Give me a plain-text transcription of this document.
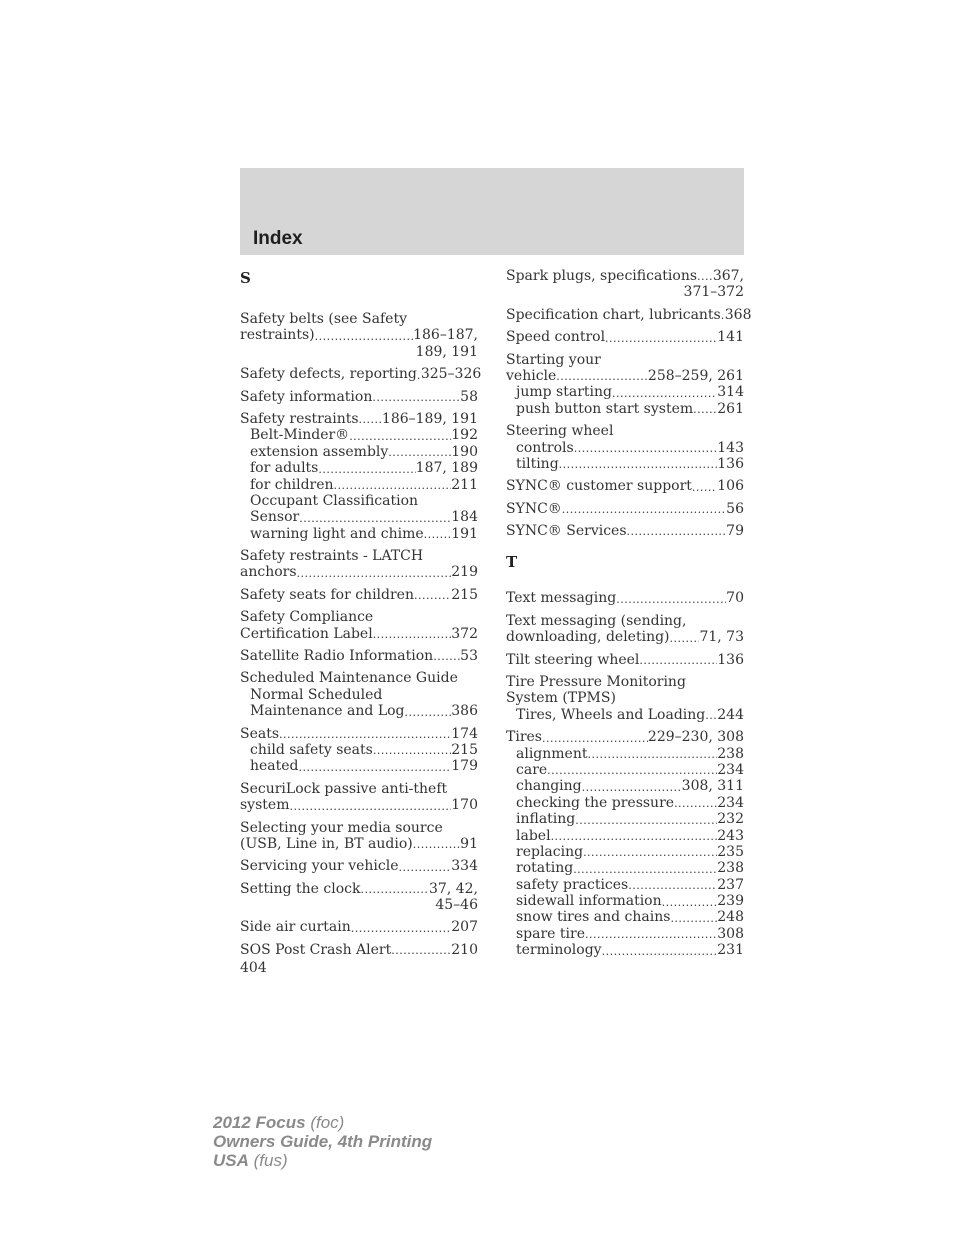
Index
S
Safety belts (see Safety
restraints) .....	186–187,
189, 191
Safety defects, reporting ..... 325–326
Safety information .....	58
Safety restraints ..... 186–189, 191
Belt-Minder® .....	192
extension assembly .....	190
for adults .....	187, 189
for children .....	211
Occupant Classification
Sensor .....	184
warning light and chime ..... 191
Safety restraints - LATCH
anchors .....	219
Safety seats for children .....	215
Safety Compliance
Certification Label .....	372
Satellite Radio Information ..... 53
Scheduled Maintenance Guide
Normal Scheduled
Maintenance and Log .....	386
Seats .....	174
child safety seats .....	215
heated .....	179
SecuriLock passive anti-theft
system .....	170
Selecting your media source
(USB, Line in, BT audio) .....	91
Servicing your vehicle .....	334
Setting the clock .....	37, 42,
45–46
Side air curtain .....	207
SOS Post Crash Alert .....	210
Spark plugs, specifications ..... 367,
371–372
Specification chart, lubricants ..... 368
Speed control .....	141
Starting your
vehicle .....	258–259, 261
jump starting .....	314
push button start system ..... 261
Steering wheel
controls .....	143
tilting .....	136
SYNC® customer support ..... 106
SYNC® .....	56
SYNC® Services .....	79
T
Text messaging .....	70
Text messaging (sending,
downloading, deleting) ..... 71, 73
Tilt steering wheel .....	136
Tire Pressure Monitoring
System (TPMS)
Tires, Wheels and Loading ..... 244
Tires .....	229–230, 308
alignment .....	238
care .....	234
changing .....	308, 311
checking the pressure .....	234
inflating .....	232
label .....	243
replacing .....	235
rotating .....	238
safety practices .....	237
sidewall information .....	239
snow tires and chains .....	248
spare tire .....	308
terminology .....	231
404
2012 Focus (foc)
Owners Guide, 4th Printing
USA (fus)
